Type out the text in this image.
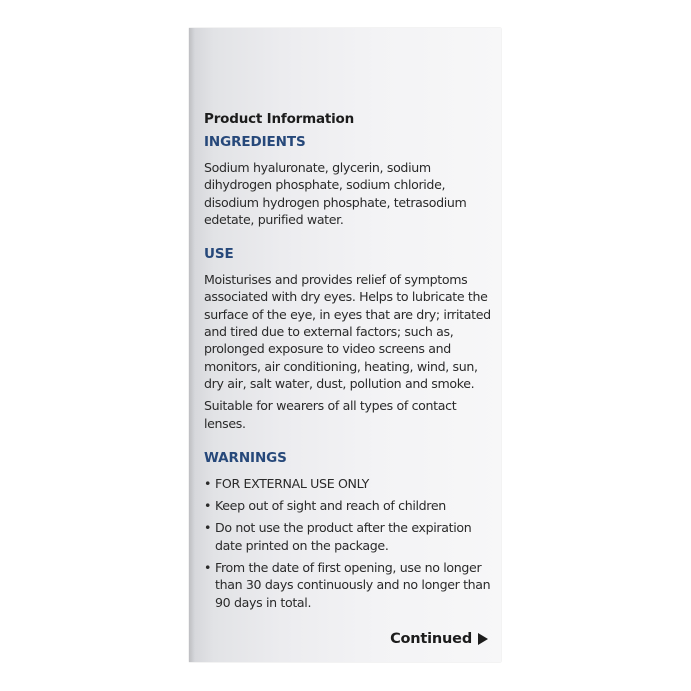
Product Information
INGREDIENTS

Sodium hyaluronate, glycerin, sodium
dihydrogen phosphate, sodium chloride,
disodium hydrogen phosphate, tetrasodium
edetate, purified water.

USE

Moisturises and provides relief of symptoms
associated with dry eyes. Helps to lubricate the
surface of the eye, in eyes that are dry; irritated
and tired due to external factors; such as,
prolonged exposure to video screens and
monitors, air conditioning, heating, wind, sun,
dry air, salt water, dust, pollution and smoke.

Suitable for wearers of all types of contact
lenses.

WARNINGS
• FOR EXTERNAL USE ONLY
• Keep out of sight and reach of children
• Do not use the product after the expiration
date printed on the package.
• From the date of first opening, use no longer
than 30 days continuously and no longer than
90 days in total.
Continued
